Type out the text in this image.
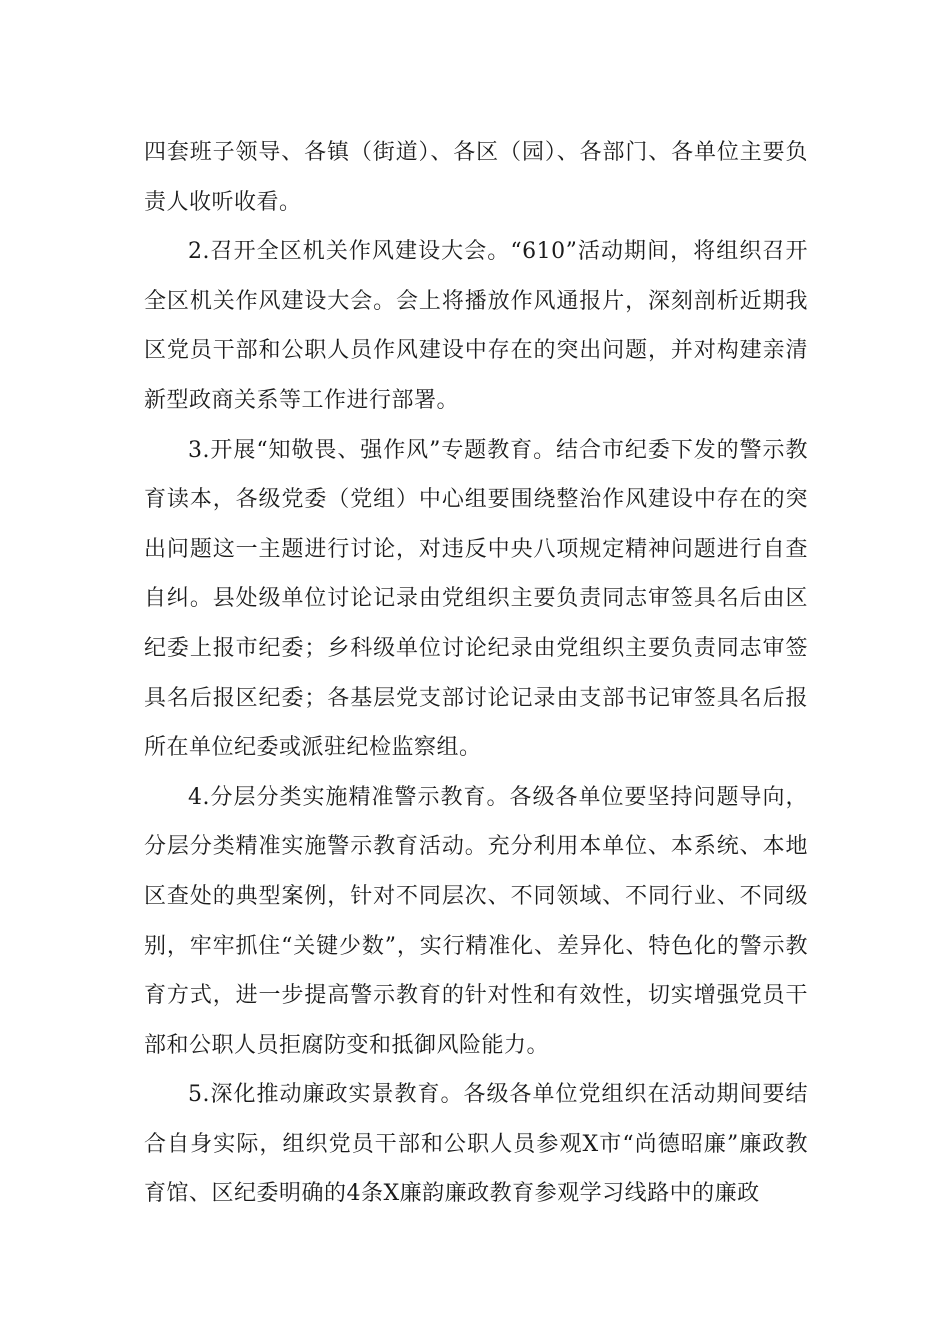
四套班子领导、各镇（街道）、各区（园）、各部门、各单位主要负责人收听收看。

2.召开全区机关作风建设大会。“610”活动期间，将组织召开全区机关作风建设大会。会上将播放作风通报片，深刻剖析近期我区党员干部和公职人员作风建设中存在的突出问题，并对构建亲清新型政商关系等工作进行部署。

3.开展“知敬畏、强作风”专题教育。结合市纪委下发的警示教育读本，各级党委（党组）中心组要围绕整治作风建设中存在的突出问题这一主题进行讨论，对违反中央八项规定精神问题进行自查自纠。县处级单位讨论记录由党组织主要负责同志审签具名后由区纪委上报市纪委；乡科级单位讨论纪录由党组织主要负责同志审签具名后报区纪委；各基层党支部讨论记录由支部书记审签具名后报所在单位纪委或派驻纪检监察组。

4.分层分类实施精准警示教育。各级各单位要坚持问题导向，分层分类精准实施警示教育活动。充分利用本单位、本系统、本地区查处的典型案例，针对不同层次、不同领域、不同行业、不同级别，牢牢抓住“关键少数”，实行精准化、差异化、特色化的警示教育方式，进一步提高警示教育的针对性和有效性，切实增强党员干部和公职人员拒腐防变和抵御风险能力。

5.深化推动廉政实景教育。各级各单位党组织在活动期间要结合自身实际，组织党员干部和公职人员参观X市“尚德昭廉”廉政教育馆、区纪委明确的4条X廉韵廉政教育参观学习线路中的廉政
